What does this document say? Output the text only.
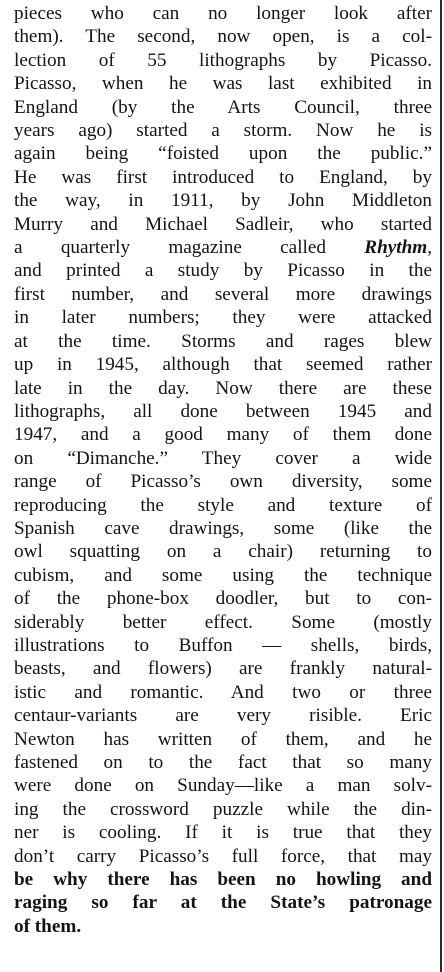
pieces who can no longer look after
them). The second, now open, is a col-
lection of 55 lithographs by Picasso.
Picasso, when he was last exhibited in
England (by the Arts Council, three
years ago) started a storm. Now he is
again being “foisted upon the public.”
He was first introduced to England, by
the way, in 1911, by John Middleton
Murry and Michael Sadleir, who started
a quarterly magazine called Rhythm,
and printed a study by Picasso in the
first number, and several more drawings
in later numbers; they were attacked
at the time. Storms and rages blew
up in 1945, although that seemed rather
late in the day. Now there are these
lithographs, all done between 1945 and
1947, and a good many of them done
on “Dimanche.” They cover a wide
range of Picasso’s own diversity, some
reproducing the style and texture of
Spanish cave drawings, some (like the
owl squatting on a chair) returning to
cubism, and some using the technique
of the phone-box doodler, but to con-
siderably better effect. Some (mostly
illustrations to Buffon — shells, birds,
beasts, and flowers) are frankly natural-
istic and romantic. And two or three
centaur-variants are very risible. Eric
Newton has written of them, and he
fastened on to the fact that so many
were done on Sunday—like a man solv-
ing the crossword puzzle while the din-
ner is cooling. If it is true that they
don’t carry Picasso’s full force, that may
be why there has been no howling and
raging so far at the State’s patronage
of them.
